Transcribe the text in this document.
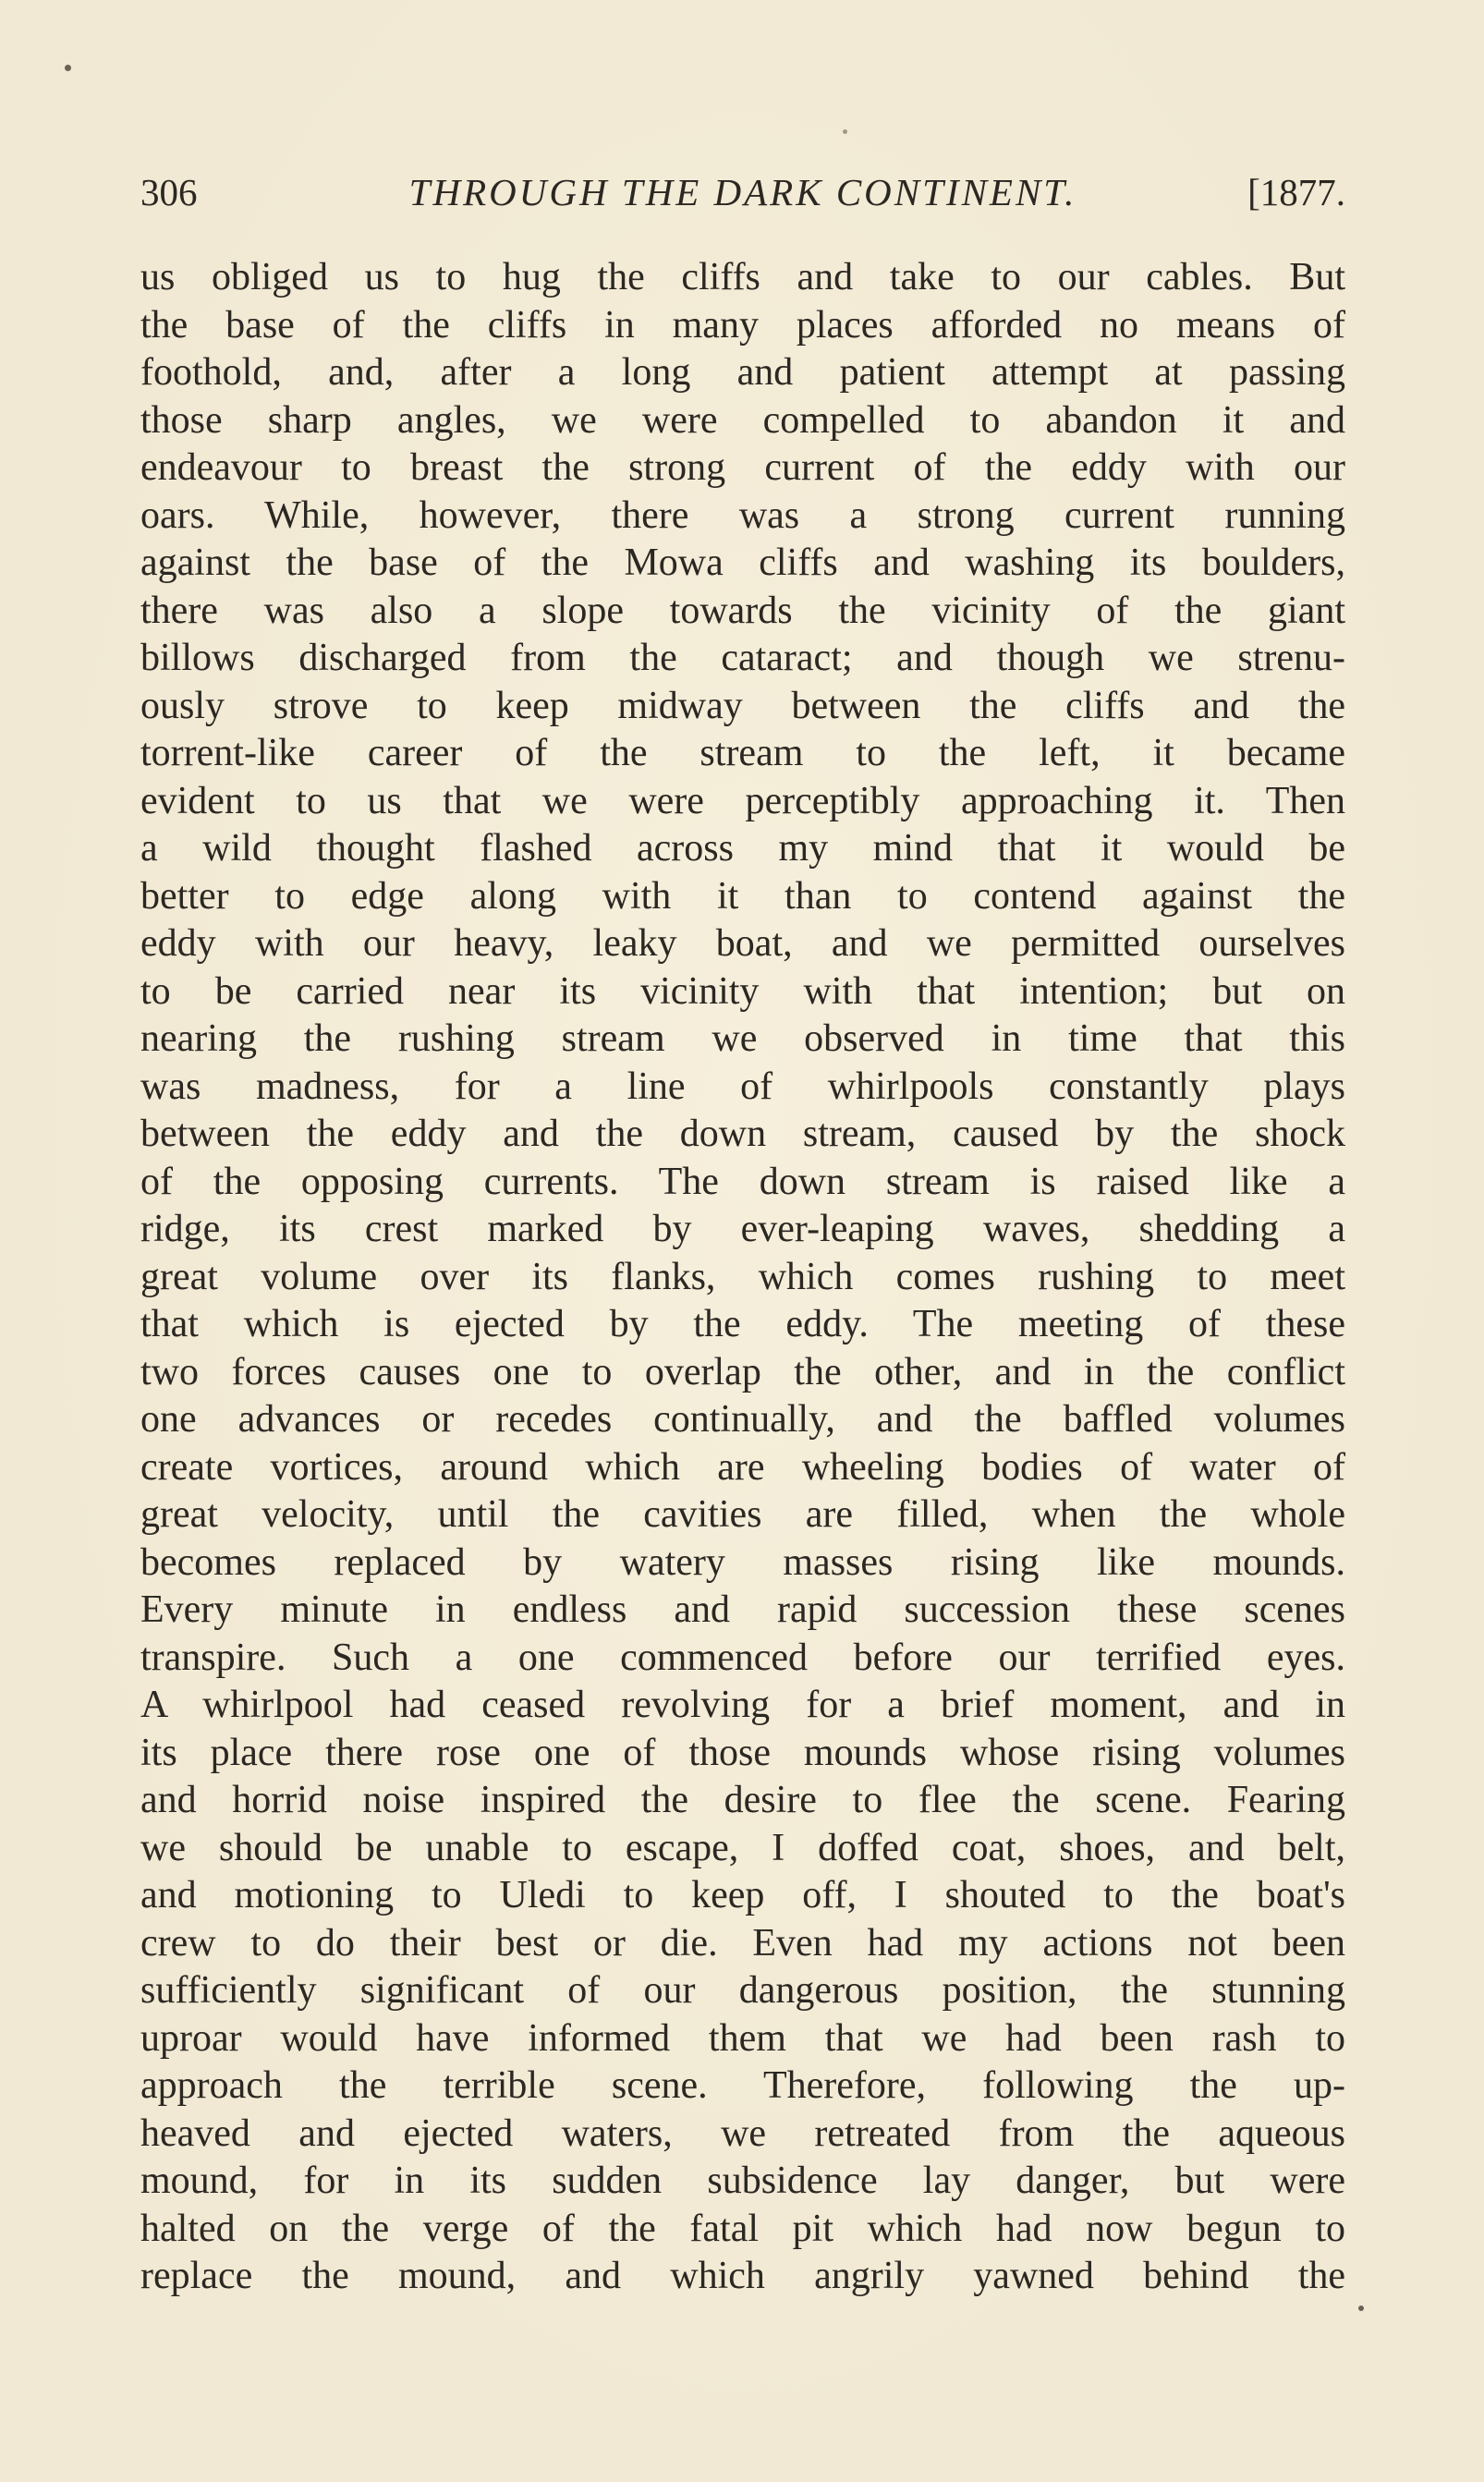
306	THROUGH THE DARK CONTINENT.	[1877.
us obliged us to hug the cliffs and take to our cables. But
the base of the cliffs in many places afforded no means of
foothold, and, after a long and patient attempt at passing
those sharp angles, we were compelled to abandon it and
endeavour to breast the strong current of the eddy with our
oars. While, however, there was a strong current running
against the base of the Mowa cliffs and washing its boulders,
there was also a slope towards the vicinity of the giant
billows discharged from the cataract; and though we strenu-
ously strove to keep midway between the cliffs and the
torrent-like career of the stream to the left, it became
evident to us that we were perceptibly approaching it. Then
a wild thought flashed across my mind that it would be
better to edge along with it than to contend against the
eddy with our heavy, leaky boat, and we permitted ourselves
to be carried near its vicinity with that intention; but on
nearing the rushing stream we observed in time that this
was madness, for a line of whirlpools constantly plays
between the eddy and the down stream, caused by the shock
of the opposing currents. The down stream is raised like a
ridge, its crest marked by ever-leaping waves, shedding a
great volume over its flanks, which comes rushing to meet
that which is ejected by the eddy. The meeting of these
two forces causes one to overlap the other, and in the conflict
one advances or recedes continually, and the baffled volumes
create vortices, around which are wheeling bodies of water of
great velocity, until the cavities are filled, when the whole
becomes replaced by watery masses rising like mounds.
Every minute in endless and rapid succession these scenes
transpire. Such a one commenced before our terrified eyes.
A whirlpool had ceased revolving for a brief moment, and in
its place there rose one of those mounds whose rising volumes
and horrid noise inspired the desire to flee the scene. Fearing
we should be unable to escape, I doffed coat, shoes, and belt,
and motioning to Uledi to keep off, I shouted to the boat's
crew to do their best or die. Even had my actions not been
sufficiently significant of our dangerous position, the stunning
uproar would have informed them that we had been rash to
approach the terrible scene. Therefore, following the up-
heaved and ejected waters, we retreated from the aqueous
mound, for in its sudden subsidence lay danger, but were
halted on the verge of the fatal pit which had now begun to
replace the mound, and which angrily yawned behind the
